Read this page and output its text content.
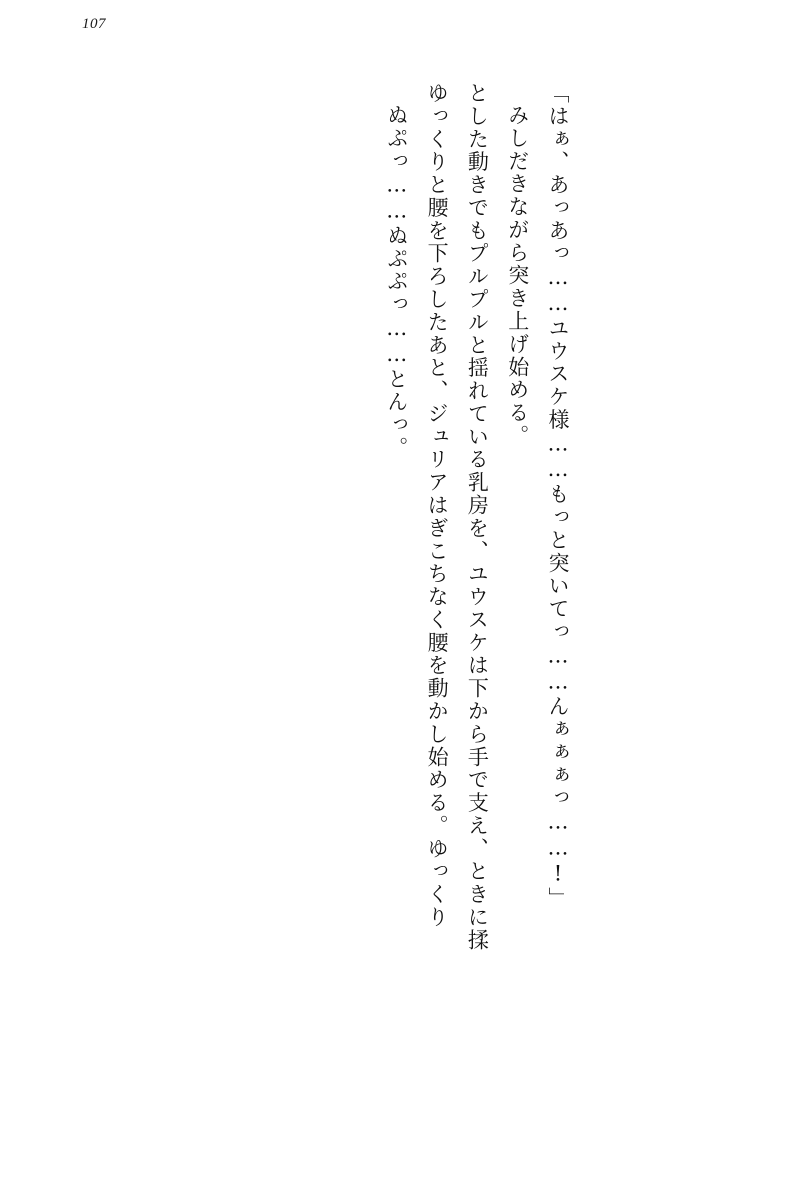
107

「はぁ、あっあっ……ユウスケ様……もっと突いてっ……んぁぁぁっ……!」

みしだきながら突き上げ始める。

とした動きでもプルプルと揺れている乳房を、ユウスケは下から手で支え、ときに揉

ゆっくりと腰を下ろしたあと、ジュリアはぎこちなく腰を動かし始める。ゆっくり

ぬぷっ……ぬぷぷっ……とんっ。
